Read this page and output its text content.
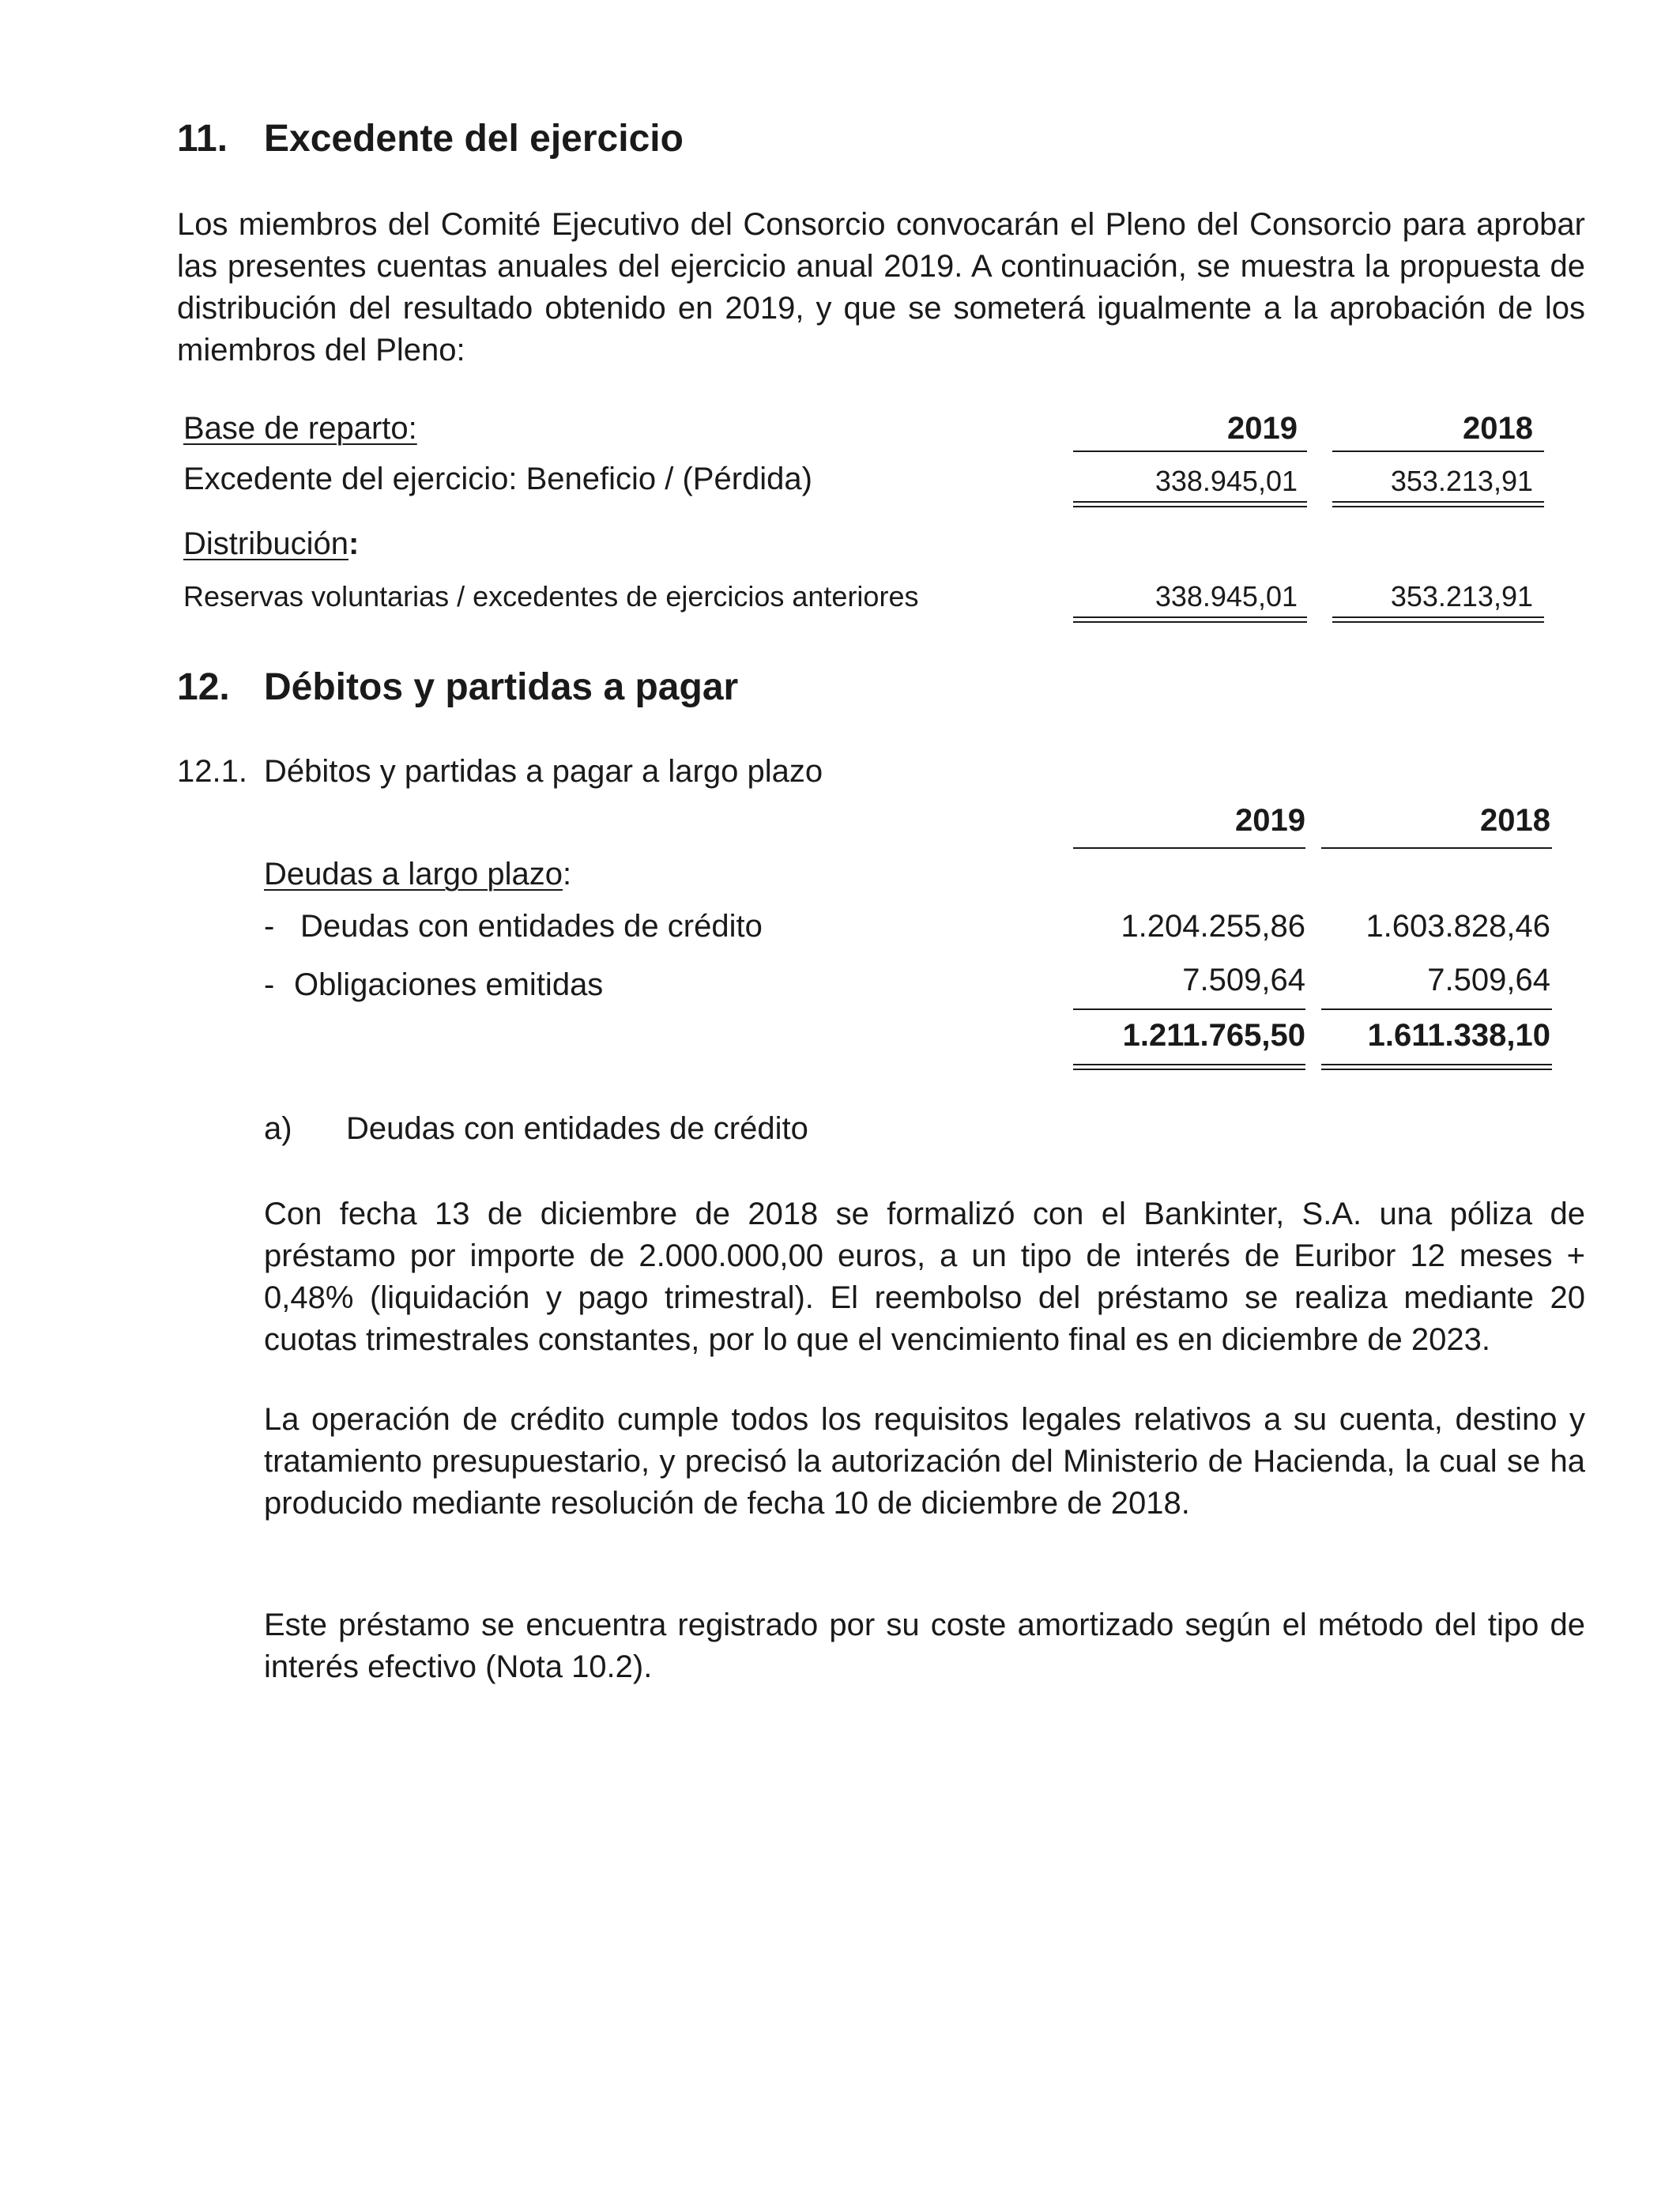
11. Excedente del ejercicio
Los miembros del Comité Ejecutivo del Consorcio convocarán el Pleno del Consorcio para aprobar las presentes cuentas anuales del ejercicio anual 2019. A continuación, se muestra la propuesta de distribución del resultado obtenido en 2019, y que se someterá igualmente a la aprobación de los miembros del Pleno:
Base de reparto:	2019	2018
Excedente del ejercicio: Beneficio / (Pérdida)	338.945,01	353.213,91
Distribución:
Reservas voluntarias / excedentes de ejercicios anteriores	338.945,01	353.213,91
12. Débitos y partidas a pagar
12.1. Débitos y partidas a pagar a largo plazo
2019	2018
Deudas a largo plazo:
- Deudas con entidades de crédito	1.204.255,86	1.603.828,46
- Obligaciones emitidas	7.509,64	7.509,64
1.211.765,50	1.611.338,10
a) Deudas con entidades de crédito
Con fecha 13 de diciembre de 2018 se formalizó con el Bankinter, S.A. una póliza de préstamo por importe de 2.000.000,00 euros, a un tipo de interés de Euribor 12 meses + 0,48% (liquidación y pago trimestral). El reembolso del préstamo se realiza mediante 20 cuotas trimestrales constantes, por lo que el vencimiento final es en diciembre de 2023.
La operación de crédito cumple todos los requisitos legales relativos a su cuenta, destino y tratamiento presupuestario, y precisó la autorización del Ministerio de Hacienda, la cual se ha producido mediante resolución de fecha 10 de diciembre de 2018.
Este préstamo se encuentra registrado por su coste amortizado según el método del tipo de interés efectivo (Nota 10.2).
